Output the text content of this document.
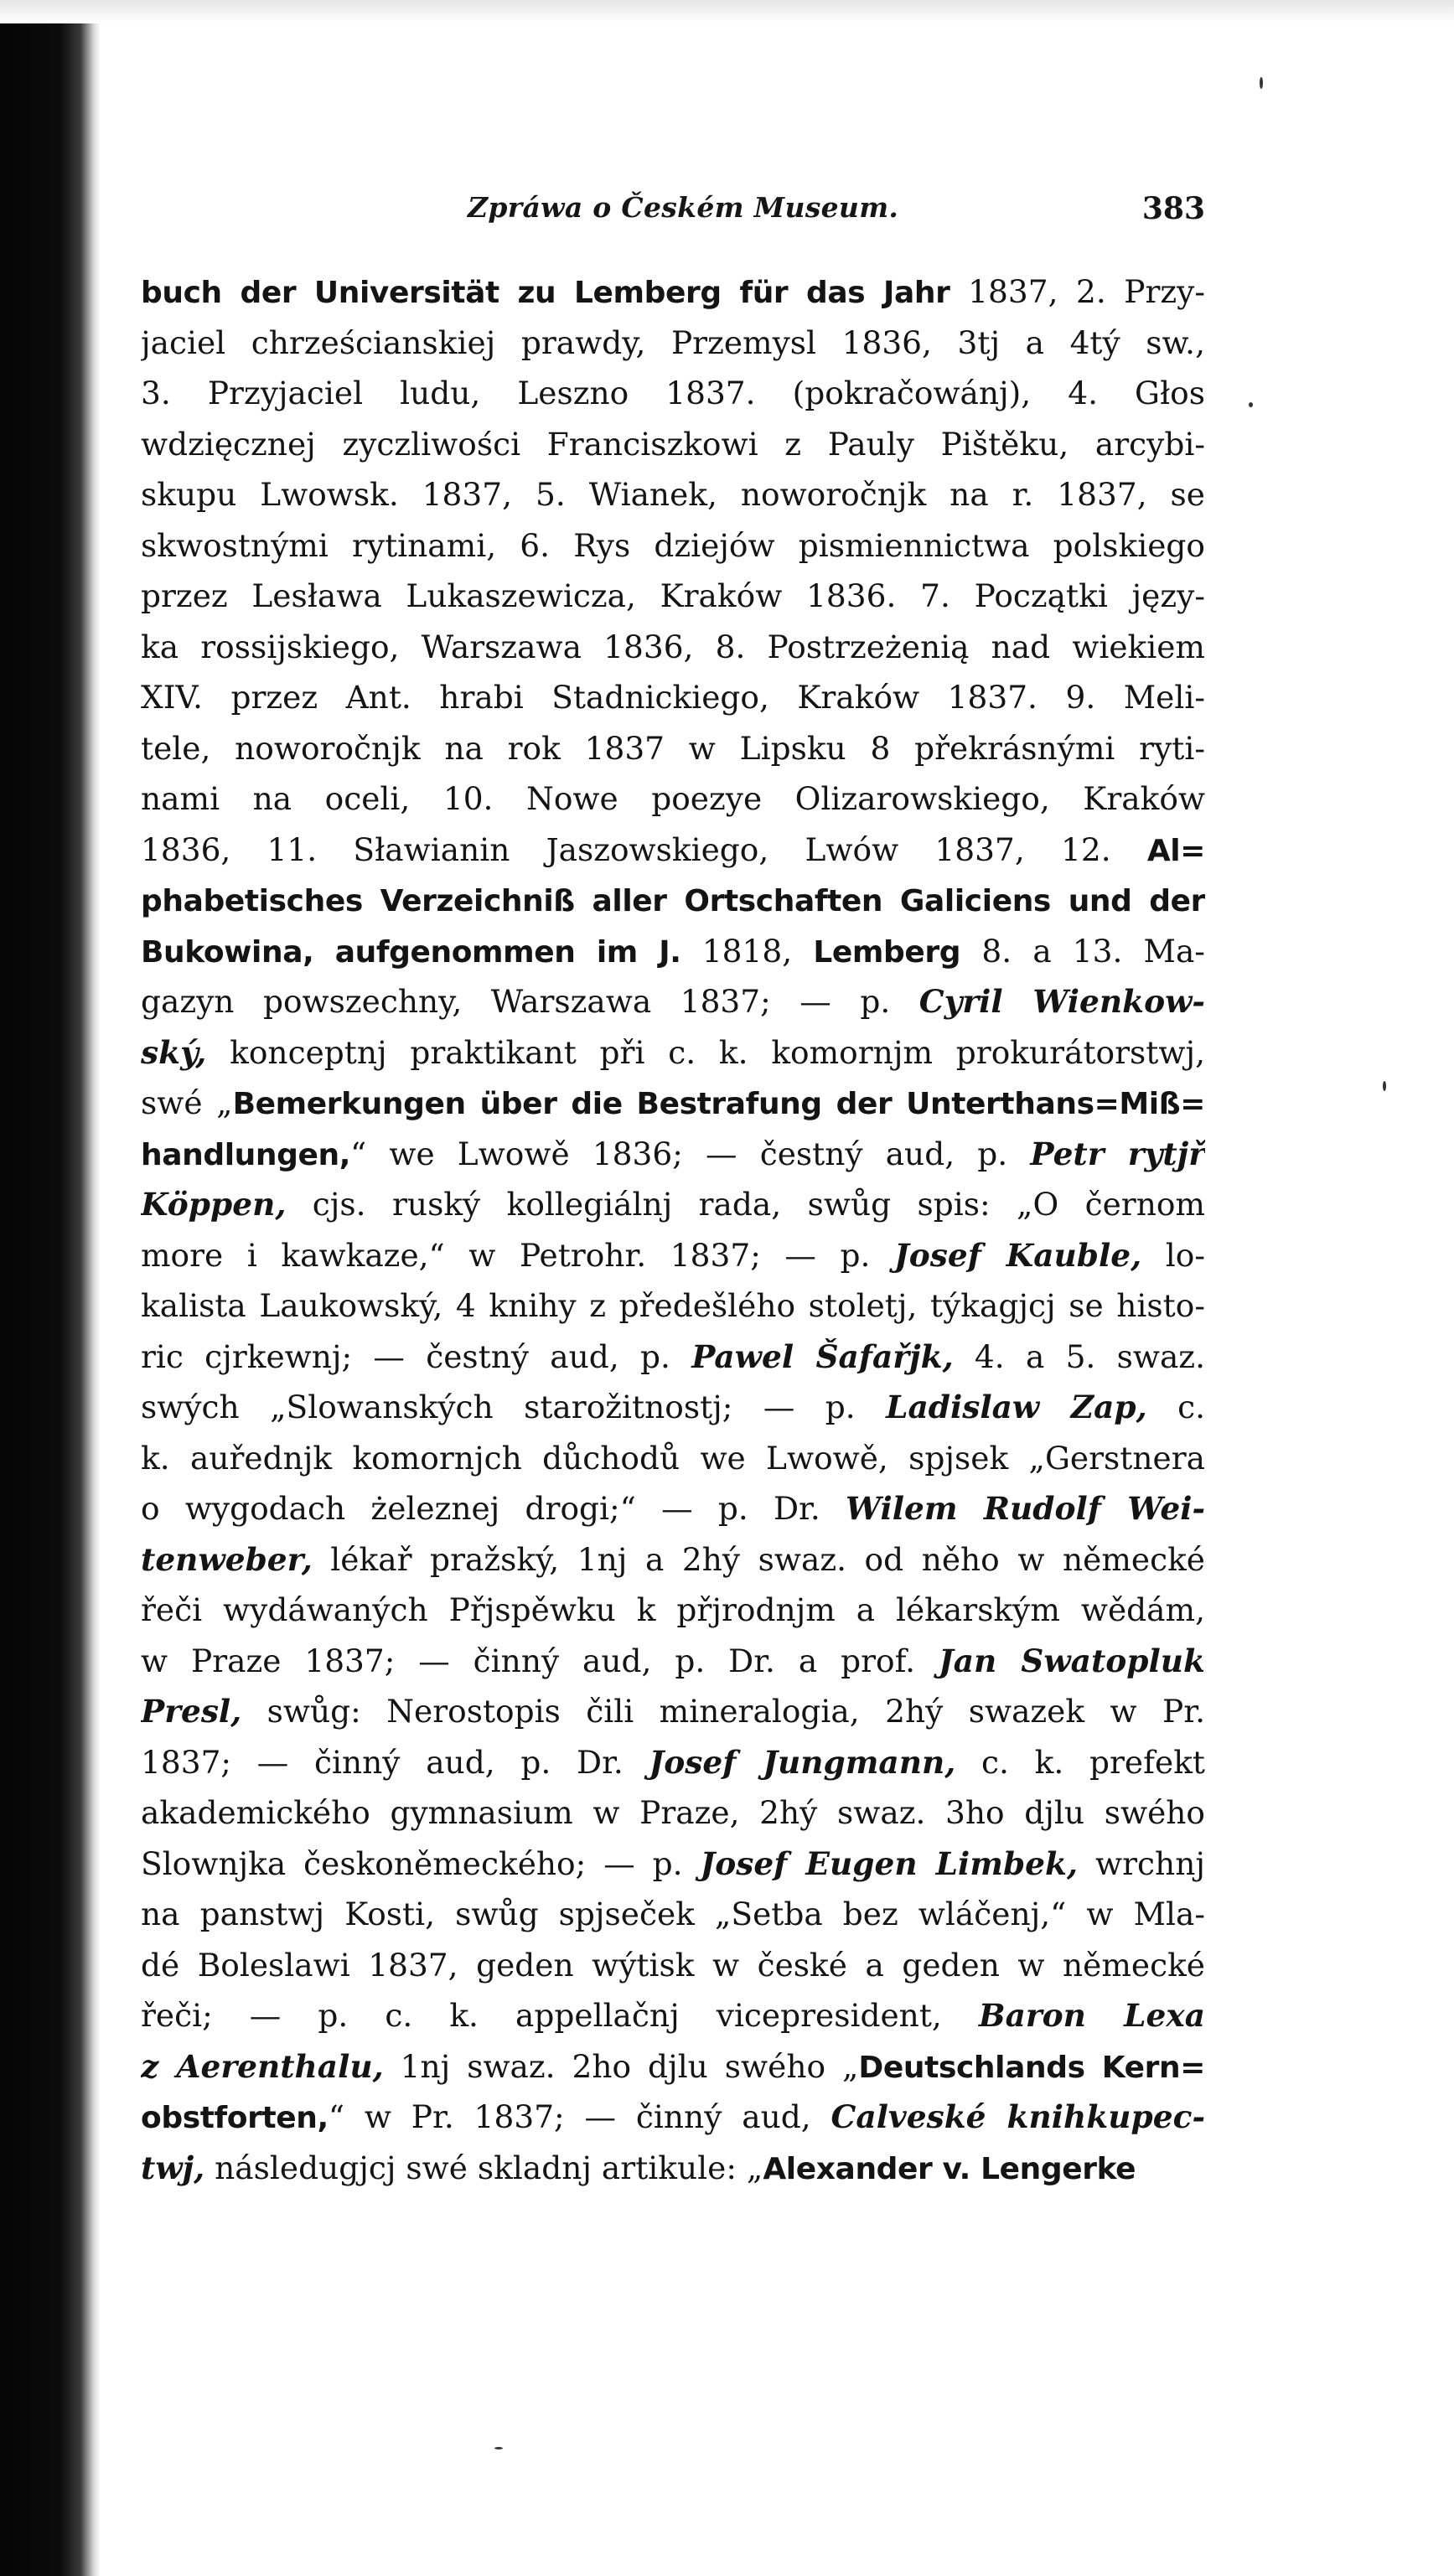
Zpráwa o Českém Museum.	383
buch der Universität zu Lemberg für das Jahr 1837, 2. Przy-
jaciel chrześcianskiej prawdy, Przemysl 1836, 3tj a 4tý sw.,
3. Przyjaciel ludu, Leszno 1837. (pokračowánj), 4. Głos
wdzięcznej zyczliwości Franciszkowi z Pauly Pištěku, arcybi-
skupu Lwowsk. 1837, 5. Wianek, noworočnjk na r. 1837, se
skwostnými rytinami, 6. Rys dziejów pismiennictwa polskiego
przez Lesława Lukaszewicza, Kraków 1836. 7. Początki języ-
ka rossijskiego, Warszawa 1836, 8. Postrzeżenią nad wiekiem
XIV. przez Ant. hrabi Stadnickiego, Kraków 1837. 9. Meli-
tele, noworočnjk na rok 1837 w Lipsku 8 překrásnými ryti-
nami na oceli, 10. Nowe poezye Olizarowskiego, Kraków
1836, 11. Sławianin Jaszowskiego, Lwów 1837, 12. Al=
phabetisches Verzeichniß aller Ortschaften Galiciens und der
Bukowina, aufgenommen im J. 1818, Lemberg 8. a 13. Ma-
gazyn powszechny, Warszawa 1837; — p. Cyril Wienkow-
ský, konceptnj praktikant při c. k. komornjm prokurátorstwj,
swé „Bemerkungen über die Bestrafung der Unterthans=Miß=
handlungen,“ we Lwowě 1836; — čestný aud, p. Petr rytjř
Köppen, cjs. ruský kollegiálnj rada, swůg spis: „O černom
more i kawkaze,“ w Petrohr. 1837; — p. Josef Kauble, lo-
kalista Laukowský, 4 knihy z předešlého stoletj, týkagjcj se histo-
ric cjrkewnj; — čestný aud, p. Pawel Šafařjk, 4. a 5. swaz.
swých „Slowanských starožitnostj; — p. Ladislaw Zap, c.
k. auřednjk komornjch důchodů we Lwowě, spjsek „Gerstnera
o wygodach żeleznej drogi;“ — p. Dr. Wilem Rudolf Wei-
tenweber, lékař pražský, 1nj a 2hý swaz. od něho w německé
řeči wydáwaných Přjspěwku k přjrodnjm a lékarským wědám,
w Praze 1837; — činný aud, p. Dr. a prof. Jan Swatopluk
Presl, swůg: Nerostopis čili mineralogia, 2hý swazek w Pr.
1837; — činný aud, p. Dr. Josef Jungmann, c. k. prefekt
akademického gymnasium w Praze, 2hý swaz. 3ho djlu swého
Slownjka českoněmeckého; — p. Josef Eugen Limbek, wrchnj
na panstwj Kosti, swůg spjseček „Setba bez wláčenj,“ w Mla-
dé Boleslawi 1837, geden wýtisk w české a geden w německé
řeči; — p. c. k. appellačnj vicepresident, Baron Lexa
z Aerenthalu, 1nj swaz. 2ho djlu swého „Deutschlands Kern=
obstforten,“ w Pr. 1837; — činný aud, Calveské knihkupec-
twj, následugjcj swé skladnj artikule: „Alexander v. Lengerke
